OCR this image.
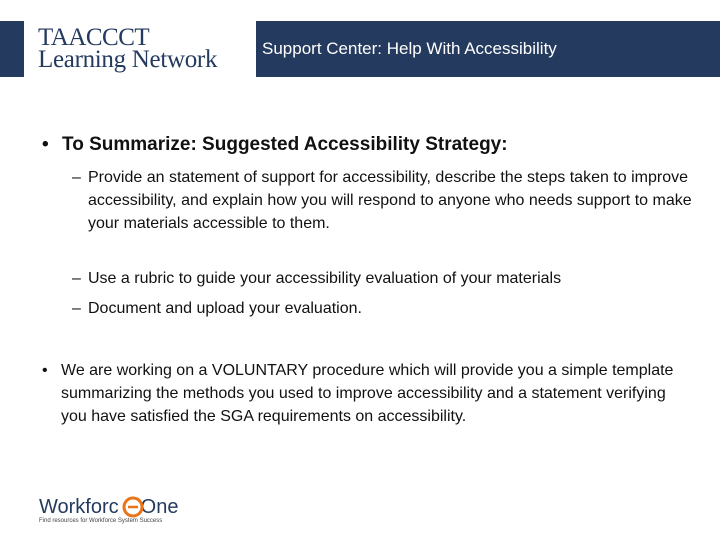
TAACCCT
Learning Network	Support Center: Help With Accessibility
• To Summarize: Suggested Accessibility Strategy:
– Provide an statement of support for accessibility, describe the steps taken to improve accessibility, and explain how you will respond to anyone who needs support to make your materials accessible to them.
– Use a rubric to guide your accessibility evaluation of your materials
– Document and upload your evaluation.
• We are working on a VOLUNTARY procedure which will provide you a simple template summarizing the methods you used to improve accessibility and a statement verifying you have satisfied the SGA requirements on accessibility.
Workforc One
Find resources for Workforce System Success
